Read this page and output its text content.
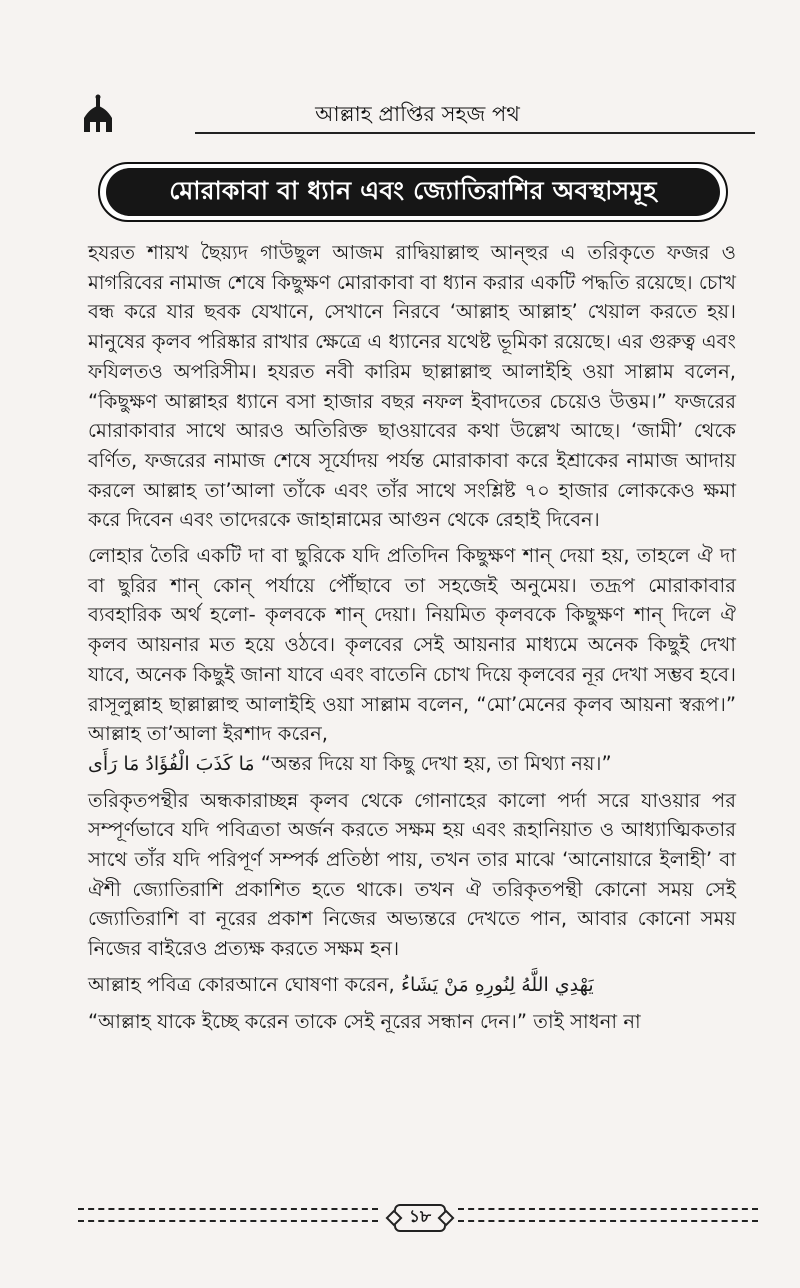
আল্লাহ প্রাপ্তির সহজ পথ
মোরাকাবা বা ধ্যান এবং জ্যোতিরাশির অবস্থাসমূহ

হযরত শায়খ ছৈয়্যদ গাউছুল আজম রাদ্বিয়াল্লাহু আন্হুর এ তরিকৃতে ফজর ও মাগরিবের নামাজ শেষে কিছুক্ষণ মোরাকাবা বা ধ্যান করার একটি পদ্ধতি রয়েছে। চোখ বন্ধ করে যার ছবক যেখানে, সেখানে নিরবে ‘আল্লাহ আল্লাহ’ খেয়াল করতে হয়। মানুষের কৃলব পরিষ্কার রাখার ক্ষেত্রে এ ধ্যানের যথেষ্ট ভূমিকা রয়েছে। এর গুরুত্ব এবং ফযিলতও অপরিসীম। হযরত নবী কারিম ছাল্লাল্লাহু আলাইহি ওয়া সাল্লাম বলেন, “কিছুক্ষণ আল্লাহর ধ্যানে বসা হাজার বছর নফল ইবাদতের চেয়েও উত্তম।” ফজরের মোরাকাবার সাথে আরও অতিরিক্ত ছাওয়াবের কথা উল্লেখ আছে। ‘জামী’ থেকে বর্ণিত, ফজরের নামাজ শেষে সূর্যোদয় পর্যন্ত মোরাকাবা করে ইশ্রাকের নামাজ আদায় করলে আল্লাহ তা’আলা তাঁকে এবং তাঁর সাথে সংশ্লিষ্ট ৭০ হাজার লোককেও ক্ষমা করে দিবেন এবং তাদেরকে জাহান্নামের আগুন থেকে রেহাই দিবেন।

লোহার তৈরি একটি দা বা ছুরিকে যদি প্রতিদিন কিছুক্ষণ শান্ দেয়া হয়, তাহলে ঐ দা বা ছুরির শান্ কোন্ পর্যায়ে পৌঁছাবে তা সহজেই অনুমেয়। তদ্রূপ মোরাকাবার ব্যবহারিক অর্থ হলো- কৃলবকে শান্ দেয়া। নিয়মিত কৃলবকে কিছুক্ষণ শান্ দিলে ঐ কৃলব আয়নার মত হয়ে ওঠবে। কৃলবের সেই আয়নার মাধ্যমে অনেক কিছুই দেখা যাবে, অনেক কিছুই জানা যাবে এবং বাতেনি চোখ দিয়ে কৃলবের নূর দেখা সম্ভব হবে। রাসূলুল্লাহ ছাল্লাল্লাহু আলাইহি ওয়া সাল্লাম বলেন, “মো’মেনের কৃলব আয়না স্বরূপ।” আল্লাহ তা’আলা ইরশাদ করেন,
مَا كَذَبَ الْفُؤَادُ مَا رَأَى “অন্তর দিয়ে যা কিছু দেখা হয়, তা মিথ্যা নয়।”

তরিকৃতপন্থীর অন্ধকারাচ্ছন্ন কৃলব থেকে গোনাহের কালো পর্দা সরে যাওয়ার পর সম্পূর্ণভাবে যদি পবিত্রতা অর্জন করতে সক্ষম হয় এবং রূহানিয়াত ও আধ্যাত্মিকতার সাথে তাঁর যদি পরিপূর্ণ সম্পর্ক প্রতিষ্ঠা পায়, তখন তার মাঝে ‘আনোয়ারে ইলাহী’ বা ঐশী জ্যোতিরাশি প্রকাশিত হতে থাকে। তখন ঐ তরিকৃতপন্থী কোনো সময় সেই জ্যোতিরাশি বা নূরের প্রকাশ নিজের অভ্যন্তরে দেখতে পান, আবার কোনো সময় নিজের বাইরেও প্রত্যক্ষ করতে সক্ষম হন।

আল্লাহ পবিত্র কোরআনে ঘোষণা করেন, يَهْدِي اللَّهُ لِنُورِهِ مَنْ يَشَاءُ

“আল্লাহ যাকে ইচ্ছে করেন তাকে সেই নূরের সন্ধান দেন।” তাই সাধনা না

১৮
